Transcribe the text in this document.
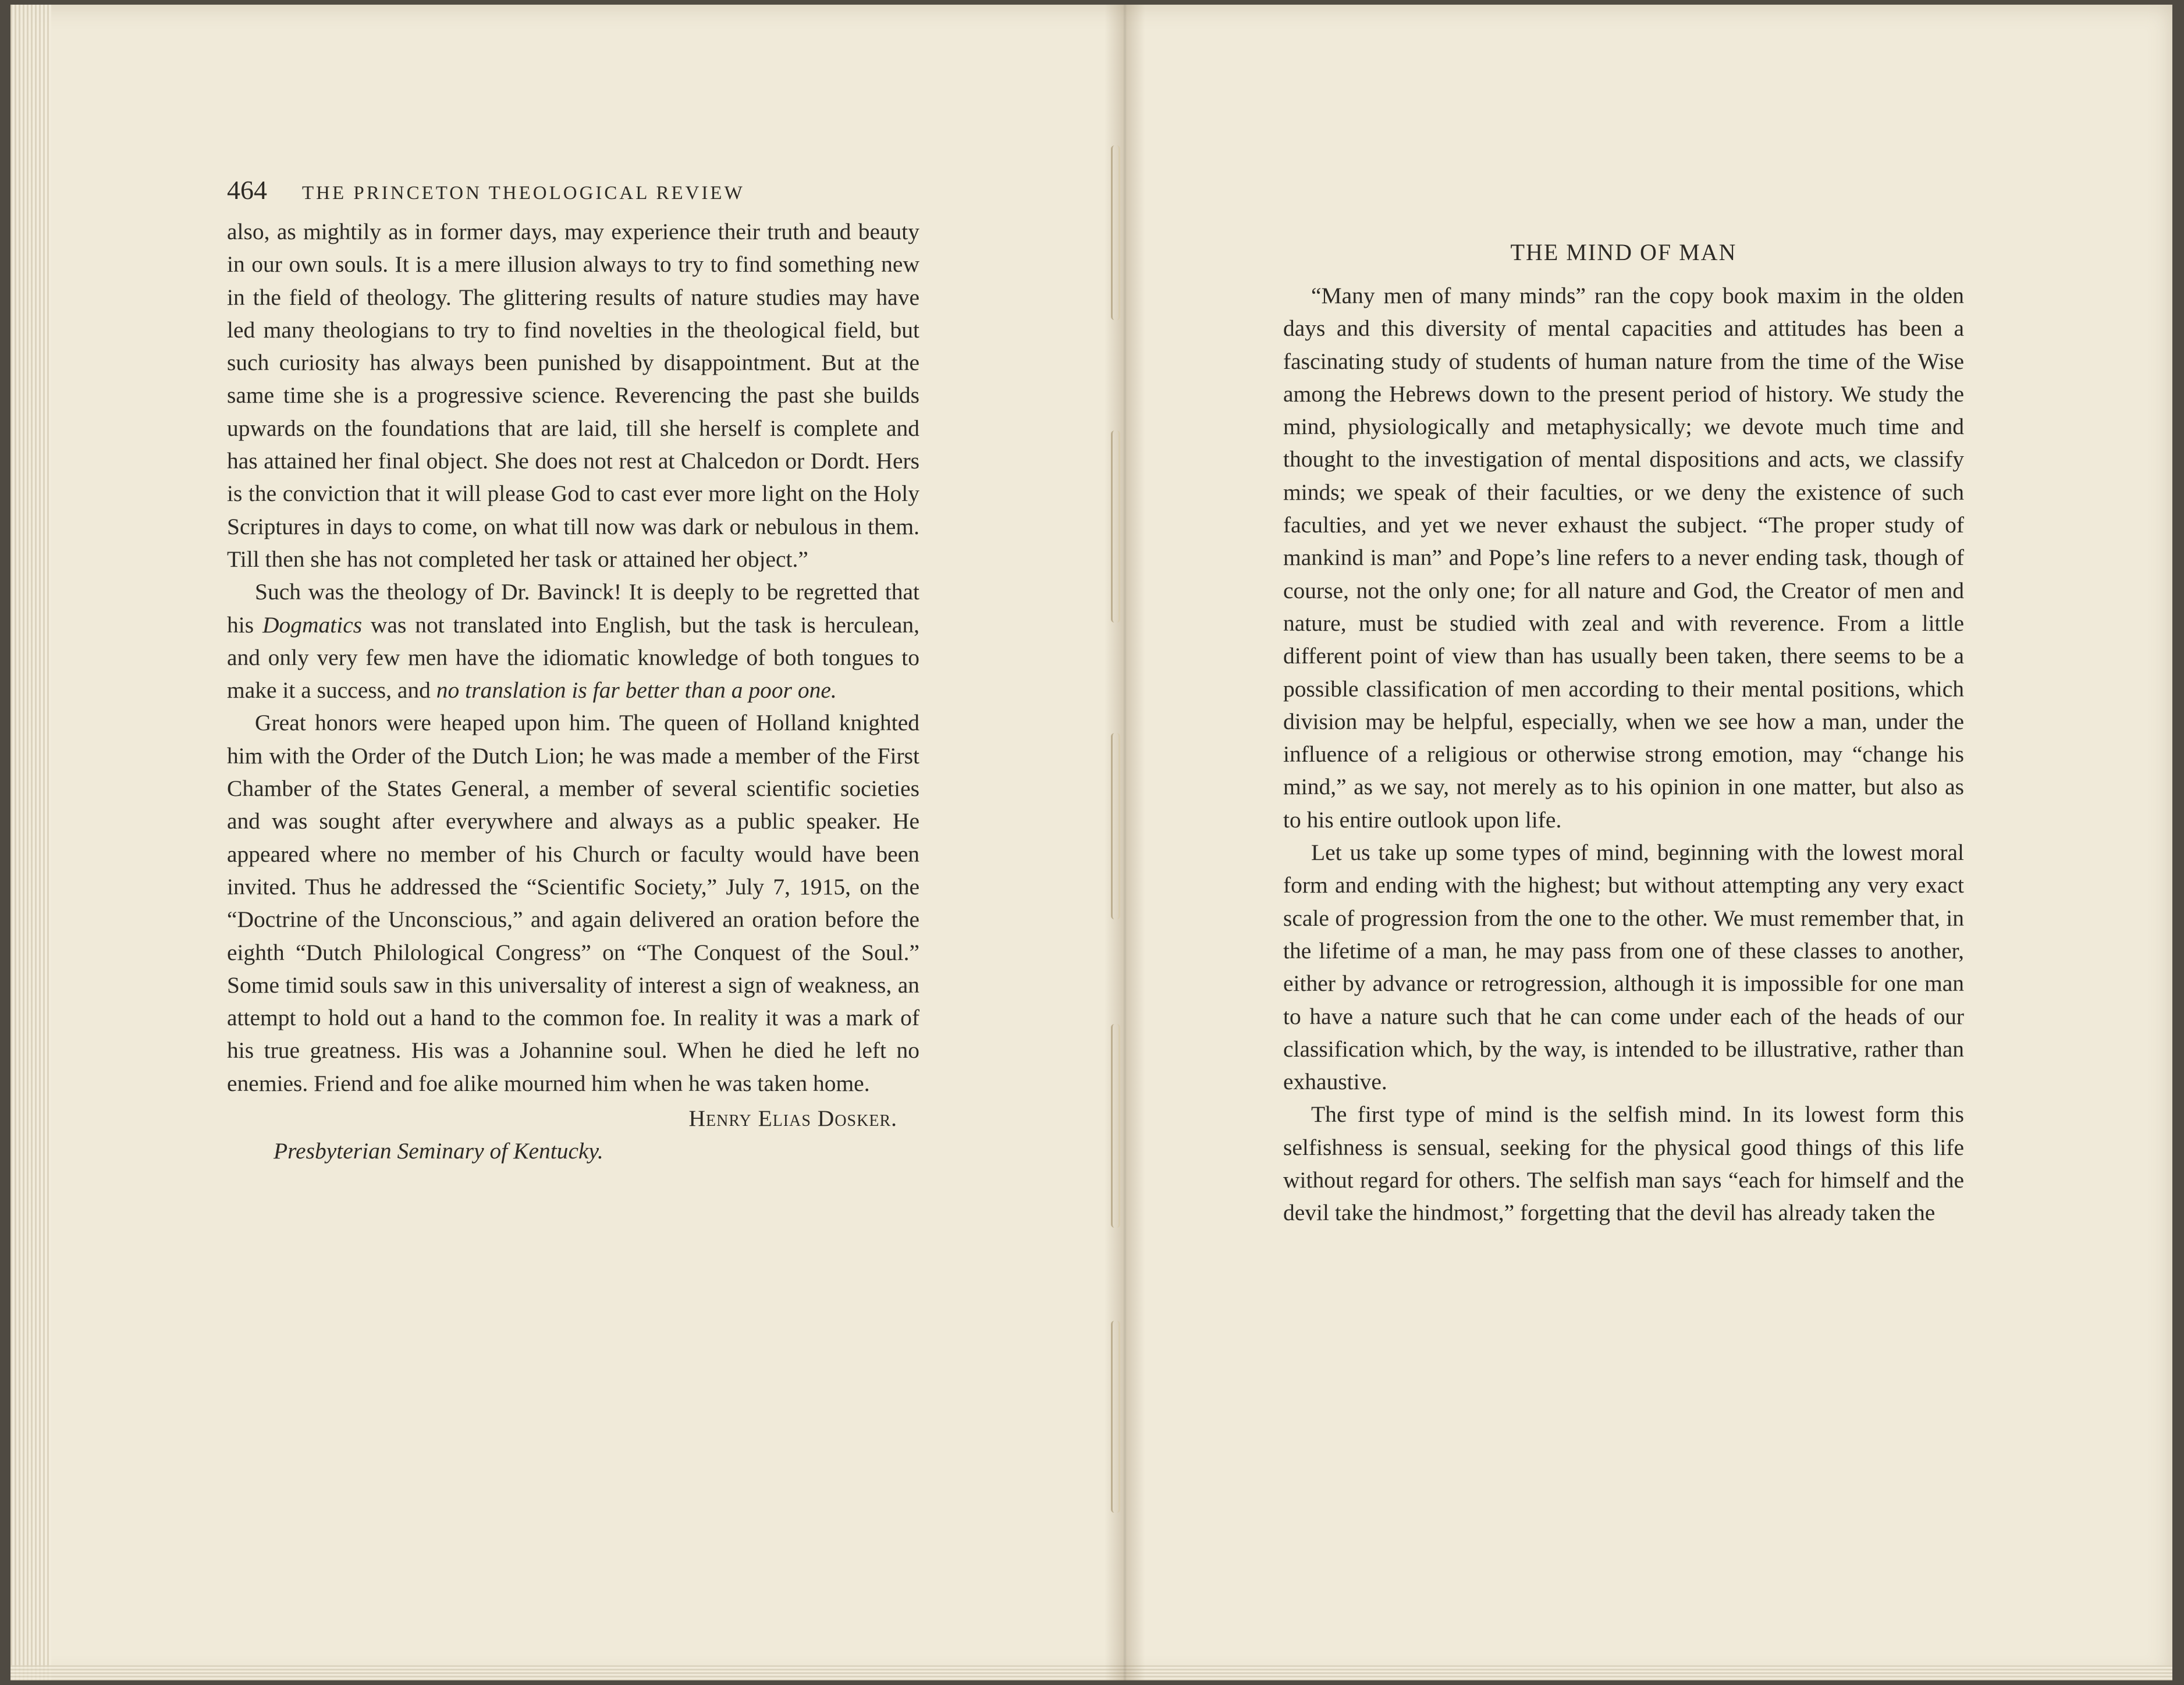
464 THE PRINCETON THEOLOGICAL REVIEW

also, as mightily as in former days, may experience their truth and beauty in our own souls. It is a mere illusion always to try to find something new in the field of theology. The glittering results of nature studies may have led many theologians to try to find novelties in the theological field, but such curiosity has always been punished by disappointment. But at the same time she is a progressive science. Reverencing the past she builds upwards on the foundations that are laid, till she herself is complete and has attained her final object. She does not rest at Chalcedon or Dordt. Hers is the conviction that it will please God to cast ever more light on the Holy Scriptures in days to come, on what till now was dark or nebulous in them. Till then she has not completed her task or attained her object.”

Such was the theology of Dr. Bavinck! It is deeply to be regretted that his Dogmatics was not translated into English, but the task is herculean, and only very few men have the idiomatic knowledge of both tongues to make it a success, and no translation is far better than a poor one.

Great honors were heaped upon him. The queen of Holland knighted him with the Order of the Dutch Lion; he was made a member of the First Chamber of the States General, a member of several scientific societies and was sought after everywhere and always as a public speaker. He appeared where no member of his Church or faculty would have been invited. Thus he addressed the “Scientific Society,” July 7, 1915, on the “Doctrine of the Unconscious,” and again delivered an oration before the eighth “Dutch Philological Congress” on “The Conquest of the Soul.” Some timid souls saw in this universality of interest a sign of weakness, an attempt to hold out a hand to the common foe. In reality it was a mark of his true greatness. His was a Johannine soul. When he died he left no enemies. Friend and foe alike mourned him when he was taken home.

Henry Elias Dosker.

Presbyterian Seminary of Kentucky.

THE MIND OF MAN

“Many men of many minds” ran the copy book maxim in the olden days and this diversity of mental capacities and attitudes has been a fascinating study of students of human nature from the time of the Wise among the Hebrews down to the present period of history. We study the mind, physiologically and metaphysically; we devote much time and thought to the investigation of mental dispositions and acts, we classify minds; we speak of their faculties, or we deny the existence of such faculties, and yet we never exhaust the subject. “The proper study of mankind is man” and Pope’s line refers to a never ending task, though of course, not the only one; for all nature and God, the Creator of men and nature, must be studied with zeal and with reverence. From a little different point of view than has usually been taken, there seems to be a possible classification of men according to their mental positions, which division may be helpful, especially, when we see how a man, under the influence of a religious or otherwise strong emotion, may “change his mind,” as we say, not merely as to his opinion in one matter, but also as to his entire outlook upon life.

Let us take up some types of mind, beginning with the lowest moral form and ending with the highest; but without attempting any very exact scale of progression from the one to the other. We must remember that, in the lifetime of a man, he may pass from one of these classes to another, either by advance or retrogression, although it is impossible for one man to have a nature such that he can come under each of the heads of our classification which, by the way, is intended to be illustrative, rather than exhaustive.

The first type of mind is the selfish mind. In its lowest form this selfishness is sensual, seeking for the physical good things of this life without regard for others. The selfish man says “each for himself and the devil take the hindmost,” forgetting that the devil has already taken the
